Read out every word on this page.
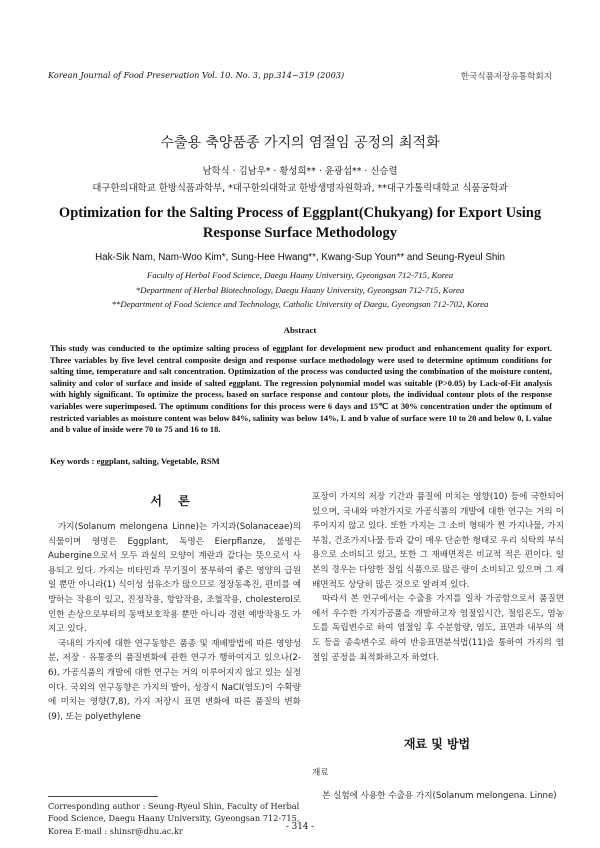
Korean Journal of Food Preservation Vol. 10. No. 3, pp.314~319 (2003)	한국식품저장유통학회지
수출용 축양품종 가지의 염절임 공정의 최적화
남학식 · 김남우* · 황성희** · 윤광섭** · 신승렬
대구한의대학교 한방식품과학부, *대구한의대학교 한방생명자원학과, **대구가톨릭대학교 식품공학과
Optimization for the Salting Process of Eggplant(Chukyang) for Export Using Response Surface Methodology
Hak-Sik Nam, Nam-Woo Kim*, Sung-Hee Hwang**, Kwang-Sup Youn** and Seung-Ryeul Shin
Faculty of Herbal Food Science, Daegu Haany University, Gyeongsan 712-715, Korea
*Department of Herbal Biotechnology, Daegu Haany University, Gyeongsan 712-715, Korea
**Department of Food Science and Technology, Catholic University of Daegu, Gyeongsan 712-702, Korea
Abstract
This study was conducted to the optimize salting process of eggplant for development new product and enhancement quality for export. Three variables by five level central composite design and response surface methodology were used to determine optimum conditions for salting time, temperature and salt concentration. Optimization of the process was conducted using the combination of the moisture content, salinity and color of surface and inside of salted eggplant. The regression polynomial model was suitable (P>0.05) by Lack-of-Fit analysis with highly significant. To optimize the process, based on surface response and contour plots, the individual contour plots of the response variables were superimposed. The optimum conditions for this process were 6 days and 15℃ at 30% concentration under the optimum of restricted variables as moisture content was below 84%, salinity was below 14%, L and b value of surface were 10 to 20 and below 0, L value and b value of inside were 70 to 75 and 16 to 18.
Key words : eggplant, salting, Vegetable, RSM
서 론

가지(Solanum melongena Linne)는 가지과(Solanaceae)의 식물이며 영명은 Eggplant, 독명은 Eierpflanze, 불명은 Aubergine으로서 모두 과실의 모양이 계란과 같다는 뜻으로서 사용되고 있다. 가지는 비타민과 무기질이 풍부하여 좋은 영양의 급원일 뿐만 아니라(1) 식이성 섬유소가 많으므로 정장동촉진, 편비를 예방하는 작용이 있고, 진정작용, 항암작용, 조혈작용, cholesterol로 인한 손상으로부터의 동맥보호작용 뿐만 아니라 경련 예방작용도 가지고 있다.

국내의 가지에 대한 연구동향은 품종 및 재배방법에 따른 영양성분, 저장 · 유통중의 품질변화에 관한 연구가 행하여지고 있으나(2-6), 가공식품의 개발에 대한 연구는 거의 이루어지지 않고 있는 실정이다. 국외의 연구동향은 가지의 발아, 성장시 NaCl(염도)이 수확량에 미치는 영향(7,8), 가지 저장시 표면 변화에 따른 품질의 변화(9), 또는 polyethylene

포장이 가지의 저장 기간과 품질에 미치는 영향(10) 등에 국한되어 있으며, 국내와 마찬가지로 가공식품의 개발에 대한 연구는 거의 이루어지지 않고 있다. 또한 가지는 그 소비 형태가 찐 가지나물, 가지부침, 건조가지나물 등과 같이 매우 단순한 형태로 우리 식탁의 부식용으로 소비되고 있고, 또한 그 재배면적은 비교적 적은 편이다. 일본의 경우는 다양한 절임 식품으로 많은 량이 소비되고 있으며 그 재배면적도 상당히 많은 것으로 알려져 있다.

따라서 본 연구에서는 수출용 가지를 일차 가공함으로서 품질면에서 우수한 가지가공품을 개발하고자 염절임시간, 절임온도, 염농도를 독립변수로 하여 염절임 후 수분함량, 염도, 표면과 내부의 색도 등을 종속변수로 하여 반응표면분석법(11)을 통하여 가지의 염절임 공정을 최적화하고자 하였다.

재료 및 방법
재료
본 실험에 사용한 수출용 가지(Solanum melongena. Linne)
Corresponding author : Seung-Ryeul Shin, Faculty of Herbal Food Science, Daegu Haany University, Gyeongsan 712-715, Korea E-mail : shinsr@dhu.ac.kr	- 314 -
